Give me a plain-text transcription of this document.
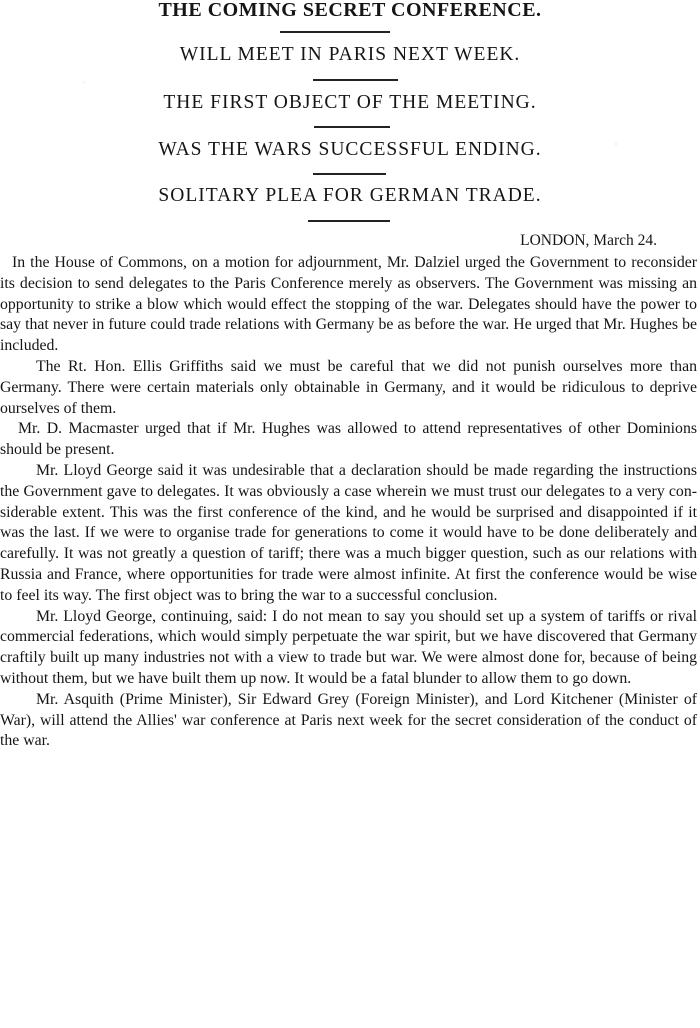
THE COMING SECRET CONFERENCE.
WILL MEET IN PARIS NEXT WEEK.
THE FIRST OBJECT OF THE MEETING.
WAS THE WARS SUCCESSFUL ENDING.
SOLITARY PLEA FOR GERMAN TRADE.
LONDON, March 24.

In the House of Commons, on a motion for adjournment, Mr. Dalziel urged the Government to reconsider its decision to send delegates to the Paris Conference merely as observers. The Government was missing an opportunity to strike a blow which would effect the stopping of the war. Delegates should have the power to say that never in future could trade relations with Germany be as before the war. He urged that Mr. Hughes be included.

The Rt. Hon. Ellis Griffiths said we must be careful that we did not punish ourselves more than Germany. There were certain materials only obtainable in Germany, and it would be ridiculous to deprive ourselves of them.

Mr. D. Macmaster urged that if Mr. Hughes was allowed to attend representatives of other Dominions should be present.

Mr. Lloyd George said it was undesirable that a declaration should be made regarding the instructions the Government gave to delegates. It was obviously a case wherein we must trust our delegates to a very considerable extent. This was the first conference of the kind, and he would be surprised and disappointed if it was the last. If we were to organise trade for generations to come it would have to be done deliberately and carefully. It was not greatly a question of tariff; there was a much bigger question, such as our relations with Russia and France, where opportunities for trade were almost infinite. At first the conference would be wise to feel its way. The first object was to bring the war to a successful conclusion.

Mr. Lloyd George, continuing, said: I do not mean to say you should set up a system of tariffs or rival commercial federations, which would simply perpetuate the war spirit, but we have discovered that Germany craftily built up many industries not with a view to trade but war. We were almost done for, because of being without them, but we have built them up now. It would be a fatal blunder to allow them to go down.

Mr. Asquith (Prime Minister), Sir Edward Grey (Foreign Minister), and Lord Kitchener (Minister of War), will attend the Allies' war conference at Paris next week for the secret consideration of the conduct of the war.
